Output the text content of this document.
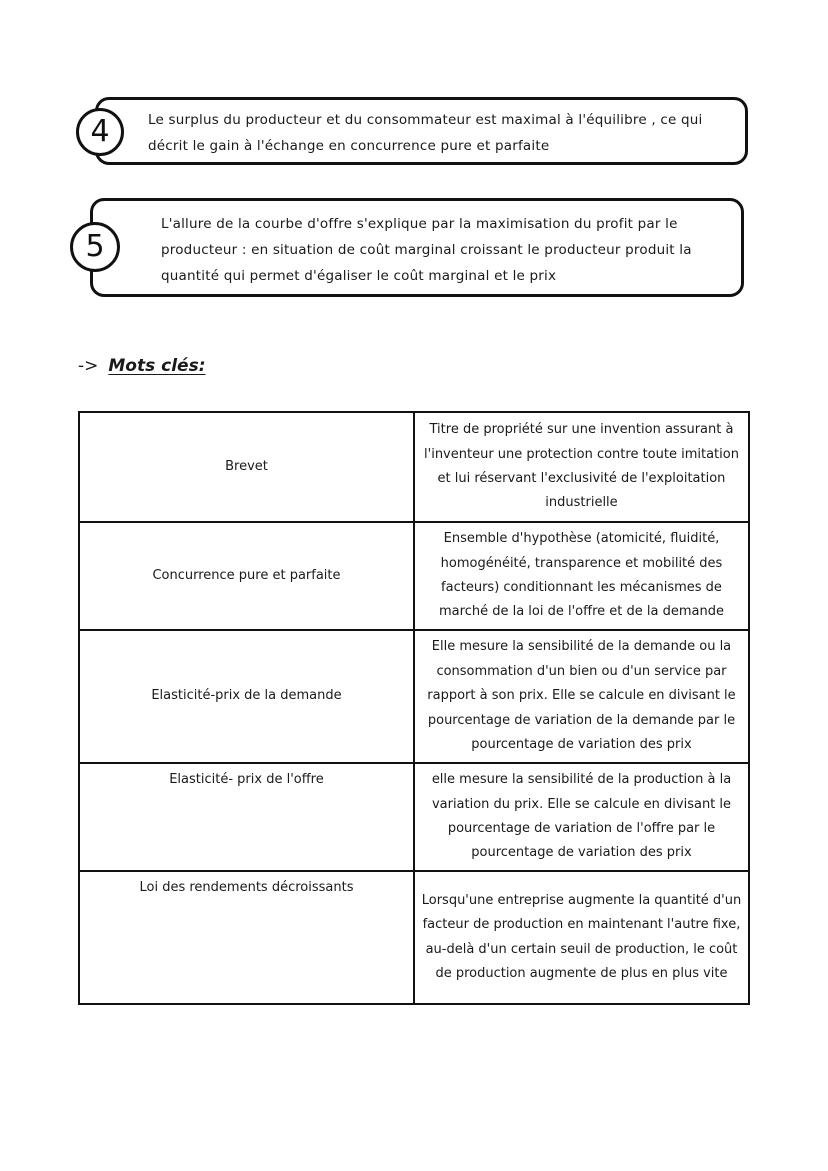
Le surplus du producteur et du consommateur est maximal à l'équilibre , ce qui décrit le gain à l'échange en concurrence pure et parfaite
4
L'allure de la courbe d'offre s'explique par la maximisation du profit par le producteur : en situation de coût marginal croissant le producteur produit la quantité qui permet d'égaliser le coût marginal et le prix
5
-> Mots clés:
Brevet	Titre de propriété sur une invention assurant à l'inventeur une protection contre toute imitation et lui réservant l'exclusivité de l'exploitation industrielle
Concurrence pure et parfaite	Ensemble d'hypothèse (atomicité, fluidité, homogénéité, transparence et mobilité des facteurs) conditionnant les mécanismes de marché de la loi de l'offre et de la demande
Elasticité-prix de la demande	Elle mesure la sensibilité de la demande ou la consommation d'un bien ou d'un service par rapport à son prix. Elle se calcule en divisant le pourcentage de variation de la demande par le pourcentage de variation des prix
Elasticité- prix de l'offre	elle mesure la sensibilité de la production à la variation du prix. Elle se calcule en divisant le pourcentage de variation de l'offre par le pourcentage de variation des prix
Loi des rendements décroissants	Lorsqu'une entreprise augmente la quantité d'un facteur de production en maintenant l'autre fixe, au-delà d'un certain seuil de production, le coût de production augmente de plus en plus vite
